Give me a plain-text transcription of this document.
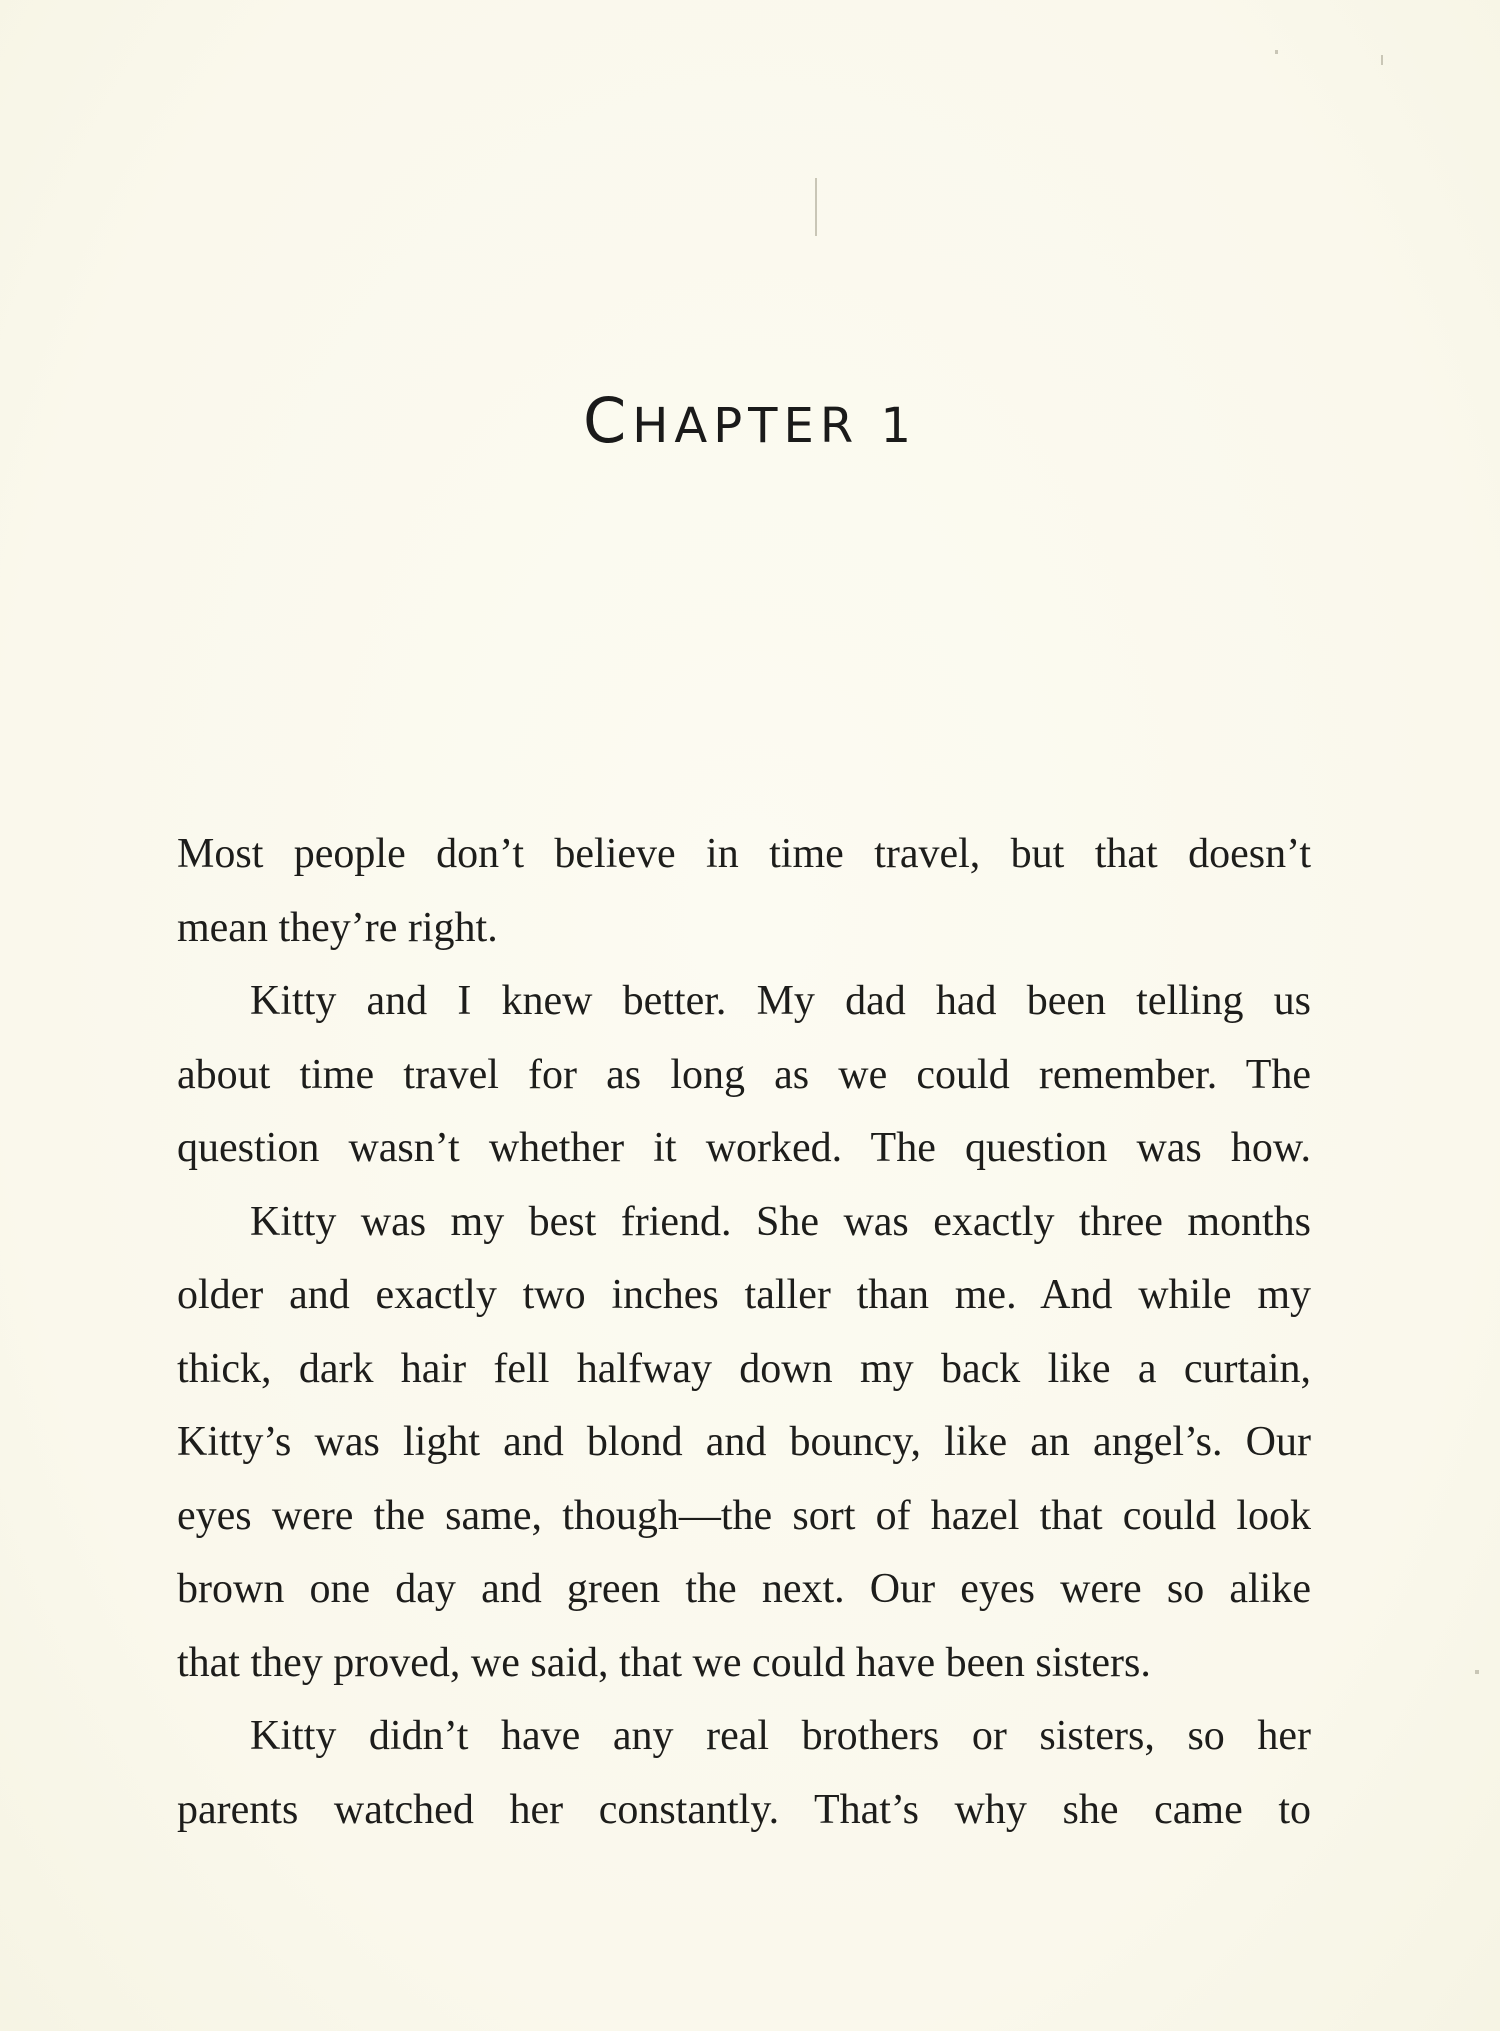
CHAPTER 1
Most people don’t believe in time travel, but that doesn’t
mean they’re right.
Kitty and I knew better. My dad had been telling us
about time travel for as long as we could remember. The
question wasn’t whether it worked. The question was how.
Kitty was my best friend. She was exactly three months
older and exactly two inches taller than me. And while my
thick, dark hair fell halfway down my back like a curtain,
Kitty’s was light and blond and bouncy, like an angel’s. Our
eyes were the same, though—the sort of hazel that could look
brown one day and green the next. Our eyes were so alike
that they proved, we said, that we could have been sisters.
Kitty didn’t have any real brothers or sisters, so her
parents watched her constantly. That’s why she came to
